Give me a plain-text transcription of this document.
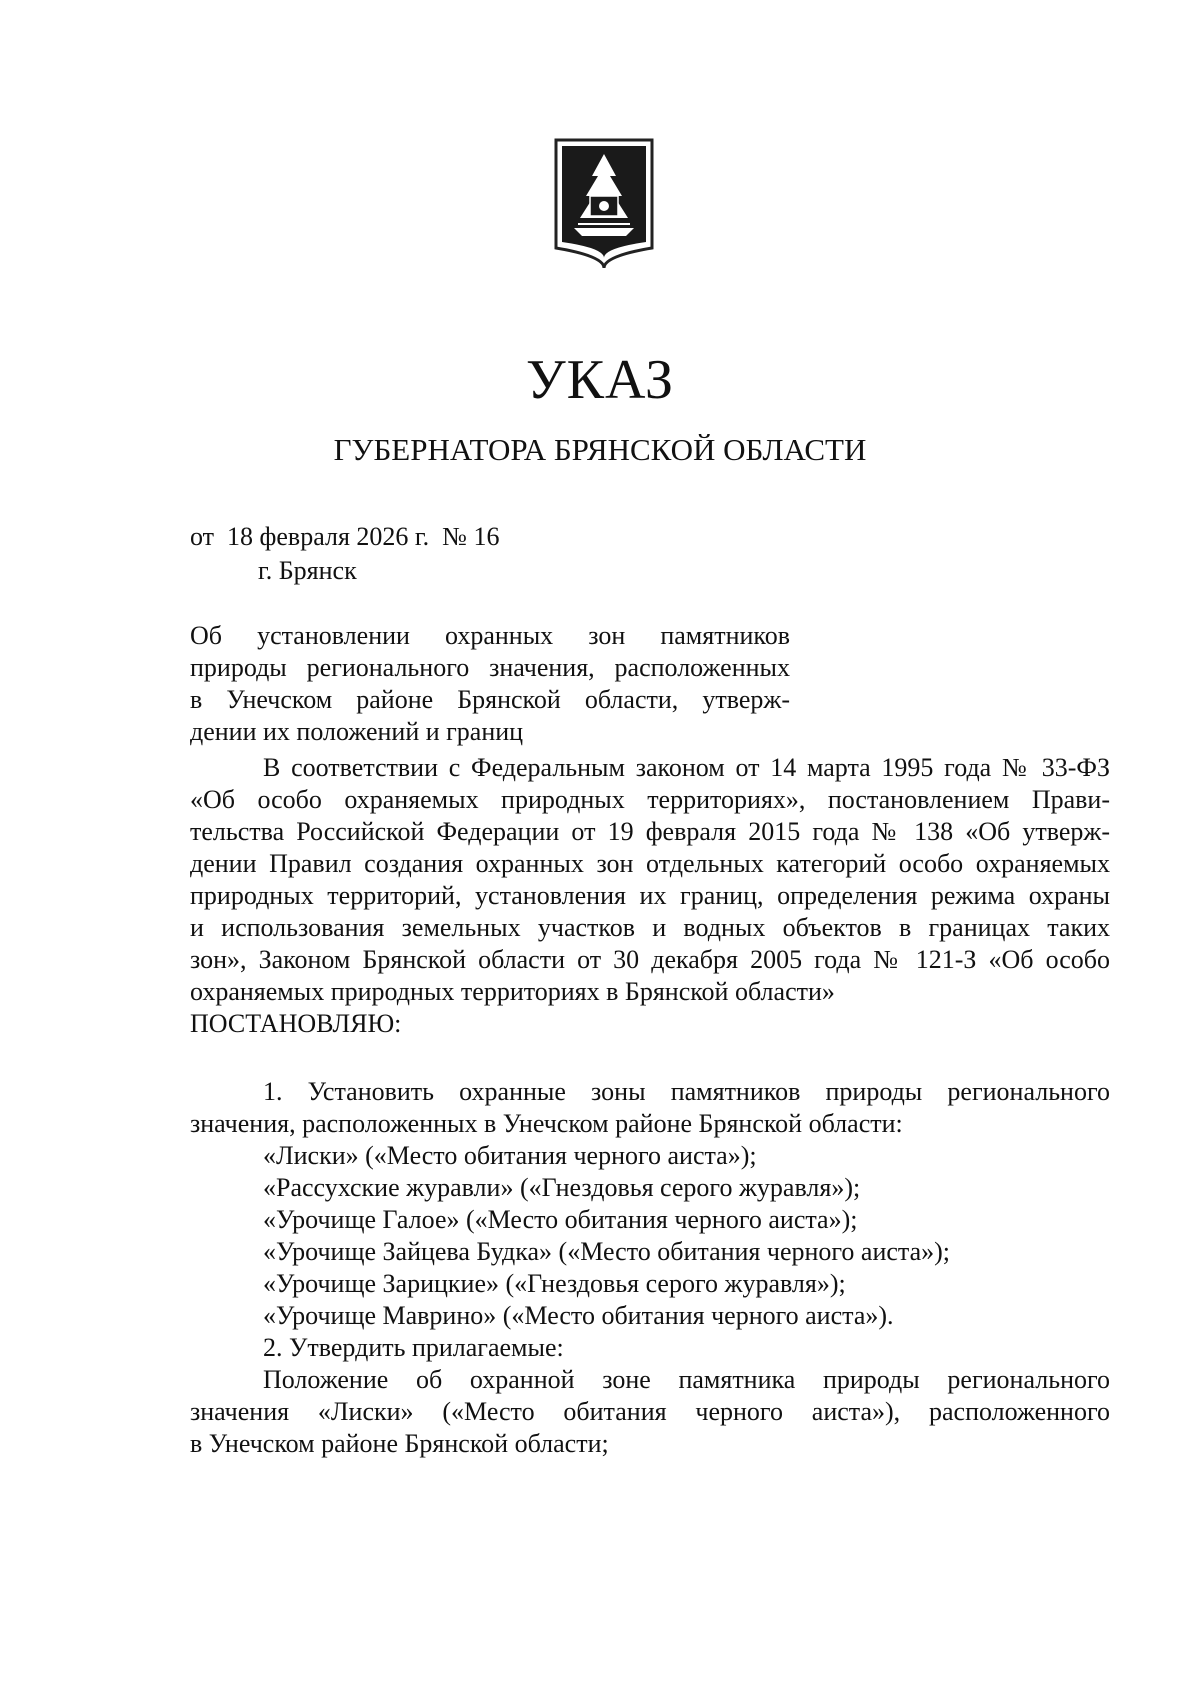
УКАЗ
ГУБЕРНАТОРА БРЯНСКОЙ ОБЛАСТИ
от 18 февраля 2026 г. № 16
г. Брянск
Об установлении охранных зон памятников
природы регионального значения, расположенных
в Унечском районе Брянской области, утверж-
дении их положений и границ
В соответствии с Федеральным законом от 14 марта 1995 года № 33-ФЗ
«Об особо охраняемых природных территориях», постановлением Прави-
тельства Российской Федерации от 19 февраля 2015 года № 138 «Об утверж-
дении Правил создания охранных зон отдельных категорий особо охраняемых
природных территорий, установления их границ, определения режима охраны
и использования земельных участков и водных объектов в границах таких
зон», Законом Брянской области от 30 декабря 2005 года № 121-З «Об особо
охраняемых природных территориях в Брянской области»
ПОСТАНОВЛЯЮ:
1. Установить охранные зоны памятников природы регионального
значения, расположенных в Унечском районе Брянской области:
«Лиски» («Место обитания черного аиста»);
«Рассухские журавли» («Гнездовья серого журавля»);
«Урочище Галое» («Место обитания черного аиста»);
«Урочище Зайцева Будка» («Место обитания черного аиста»);
«Урочище Зарицкие» («Гнездовья серого журавля»);
«Урочище Маврино» («Место обитания черного аиста»).
2. Утвердить прилагаемые:
Положение об охранной зоне памятника природы регионального
значения «Лиски» («Место обитания черного аиста»), расположенного
в Унечском районе Брянской области;
